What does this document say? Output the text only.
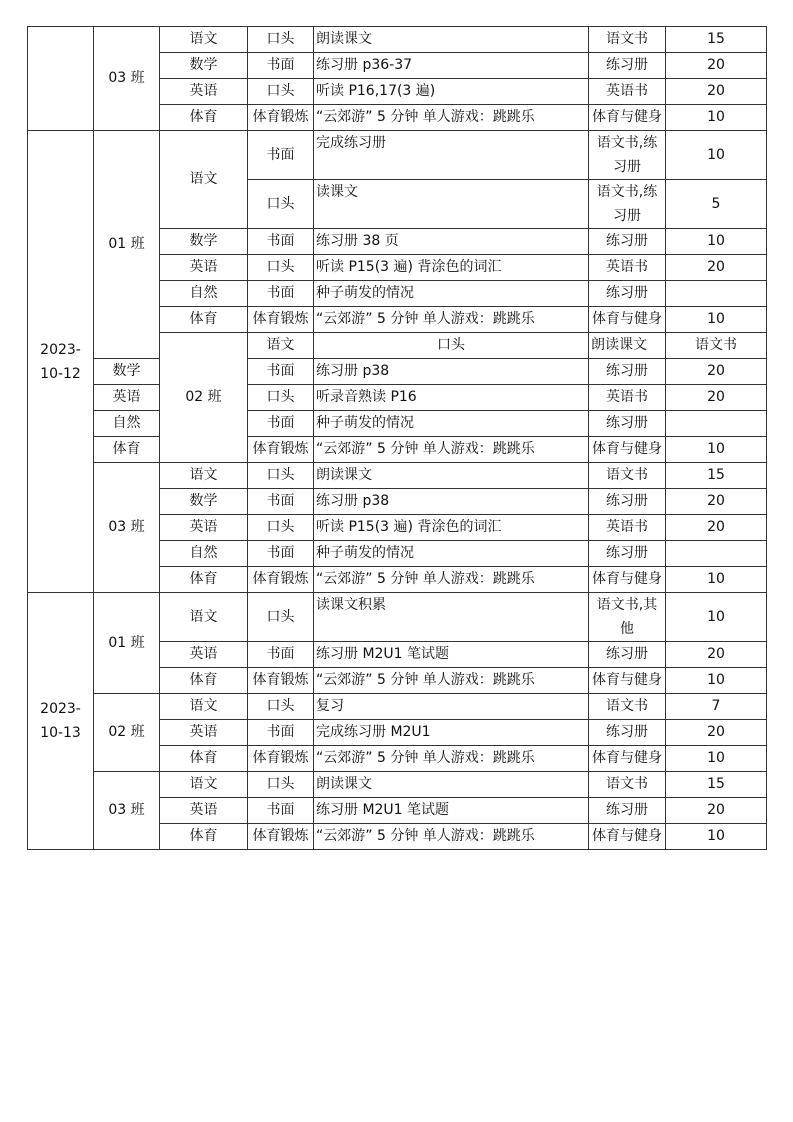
	03 班	语文	口头	朗读课文	语文书	15	
		数学	书面	练习册 p36-37	练习册	20	
		英语	口头	听读 P16,17(3 遍)	英语书	20	
		体育	体育锻炼	“云郊游” 5 分钟 单人游戏：跳跳乐	体育与健身	10	
2023-10-12	01 班	语文	书面	完成练习册	语文书,练习册	10	
			口头	读课文	语文书,练习册	5	
		数学	书面	练习册 38 页	练习册	10	
		英语	口头	听读 P15(3 遍) 背涂色的词汇	英语书	20	
		自然	书面	种子萌发的情况	练习册		
		体育	体育锻炼	“云郊游” 5 分钟 单人游戏：跳跳乐	体育与健身	10	
		02 班	语文	口头	朗读课文	语文书	
	数学		书面	练习册 p38	练习册	20	
	英语		口头	听录音熟读 P16	英语书	20	
	自然		书面	种子萌发的情况	练习册		
	体育		体育锻炼	“云郊游” 5 分钟 单人游戏：跳跳乐	体育与健身	10	
	03 班	语文	口头	朗读课文	语文书	15	
		数学	书面	练习册 p38	练习册	20	
		英语	口头	听读 P15(3 遍) 背涂色的词汇	英语书	20	
		自然	书面	种子萌发的情况	练习册		
		体育	体育锻炼	“云郊游” 5 分钟 单人游戏：跳跳乐	体育与健身	10	
2023-10-13	01 班	语文	口头	读课文积累	语文书,其他	10	
		英语	书面	练习册 M2U1 笔试题	练习册	20	
		体育	体育锻炼	“云郊游” 5 分钟 单人游戏：跳跳乐	体育与健身	10	
	02 班	语文	口头	复习	语文书	7	
		英语	书面	完成练习册 M2U1	练习册	20	
		体育	体育锻炼	“云郊游” 5 分钟 单人游戏：跳跳乐	体育与健身	10	
	03 班	语文	口头	朗读课文	语文书	15	
		英语	书面	练习册 M2U1 笔试题	练习册	20	
		体育	体育锻炼	“云郊游” 5 分钟 单人游戏：跳跳乐	体育与健身	10	
